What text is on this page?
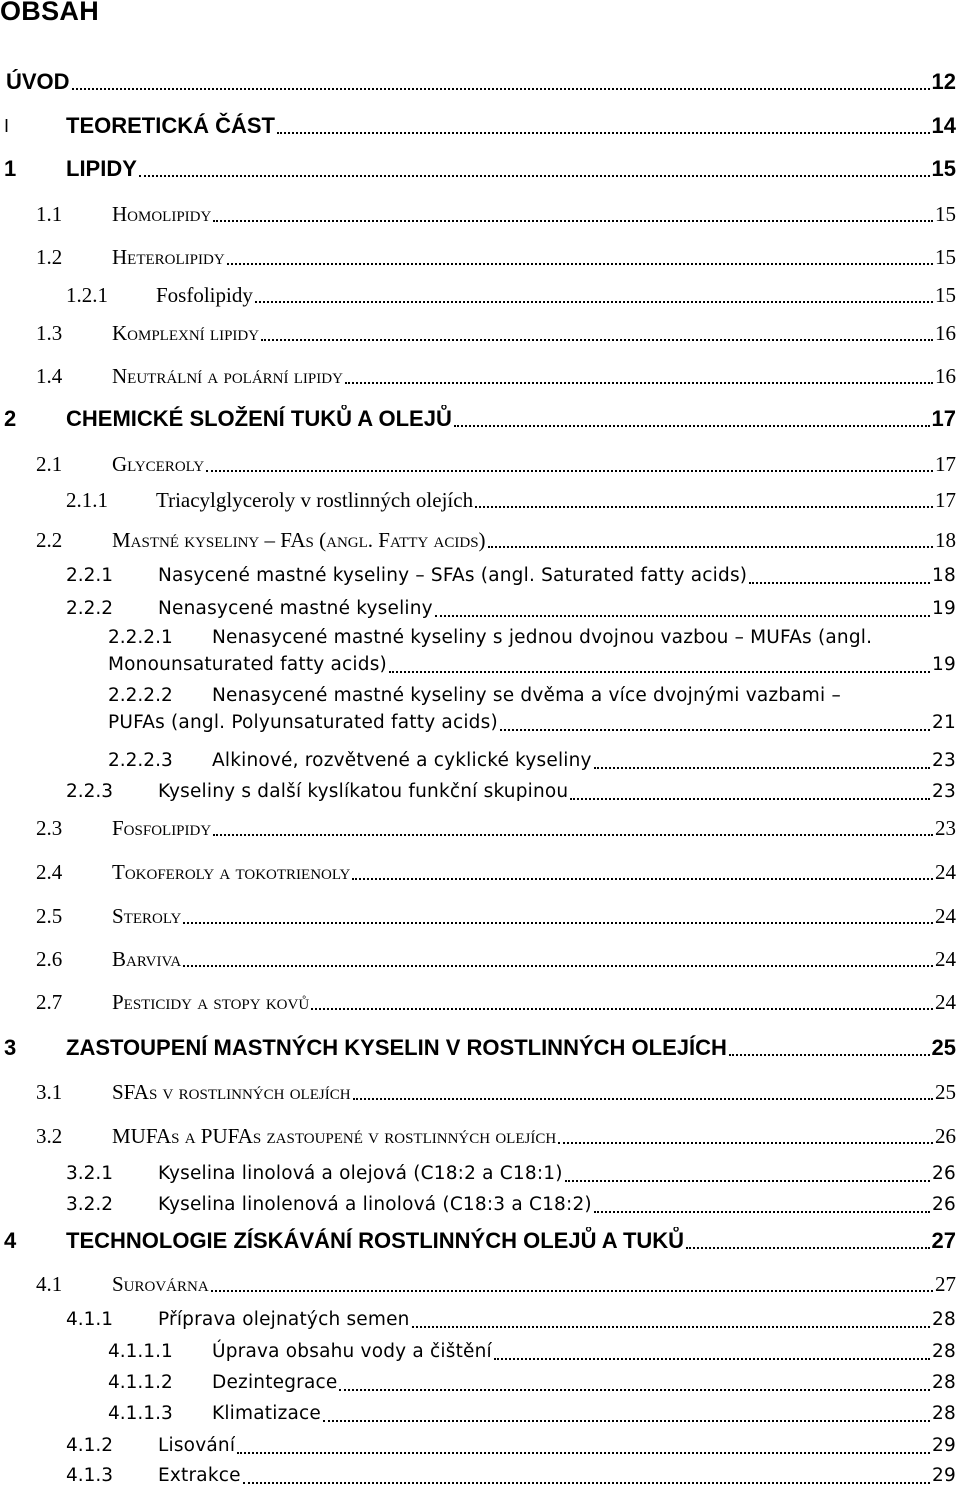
OBSAH
ÚVOD	12
I	TEORETICKÁ ČÁST	14
1 LIPIDY	15
1.1 Homolipidy	15
1.2 Heterolipidy	15
1.2.1 Fosfolipidy	15
1.3 Komplexní lipidy	16
1.4 Neutrální a polární lipidy	16
2 CHEMICKÉ SLOŽENÍ TUKŮ A OLEJŮ	17
2.1 Glyceroly	17
2.1.1 Triacylglyceroly v rostlinných olejích	17
2.2 Mastné kyseliny – FAs (angl. Fatty acids)	18
2.2.1 Nasycené mastné kyseliny – SFAs (angl. Saturated fatty acids)	18
2.2.2 Nenasycené mastné kyseliny	19
2.2.2.1 Nenasycené mastné kyseliny s jednou dvojnou vazbou – MUFAs (angl.
Monounsaturated fatty acids)	19
2.2.2.2 Nenasycené mastné kyseliny se dvěma a více dvojnými vazbami –
PUFAs (angl. Polyunsaturated fatty acids)	21
2.2.2.3 Alkinové, rozvětvené a cyklické kyseliny	23
2.2.3 Kyseliny s další kyslíkatou funkční skupinou	23
2.3 Fosfolipidy	23
2.4 Tokoferoly a tokotrienoly	24
2.5 Steroly	24
2.6 Barviva	24
2.7 Pesticidy a stopy kovů	24
3 ZASTOUPENÍ MASTNÝCH KYSELIN V ROSTLINNÝCH OLEJÍCH	25
3.1 SFAs v rostlinných olejích	25
3.2 MUFAs a PUFAs zastoupené v rostlinných olejích	26
3.2.1 Kyselina linolová a olejová (C18:2 a C18:1)	26
3.2.2 Kyselina linolenová a linolová (C18:3 a C18:2)	26
4 TECHNOLOGIE ZÍSKÁVÁNÍ ROSTLINNÝCH OLEJŮ A TUKŮ	27
4.1 Surovárna	27
4.1.1 Příprava olejnatých semen	28
4.1.1.1 Úprava obsahu vody a čištění	28
4.1.1.2 Dezintegrace	28
4.1.1.3 Klimatizace	28
4.1.2 Lisování	29
4.1.3 Extrakce	29
